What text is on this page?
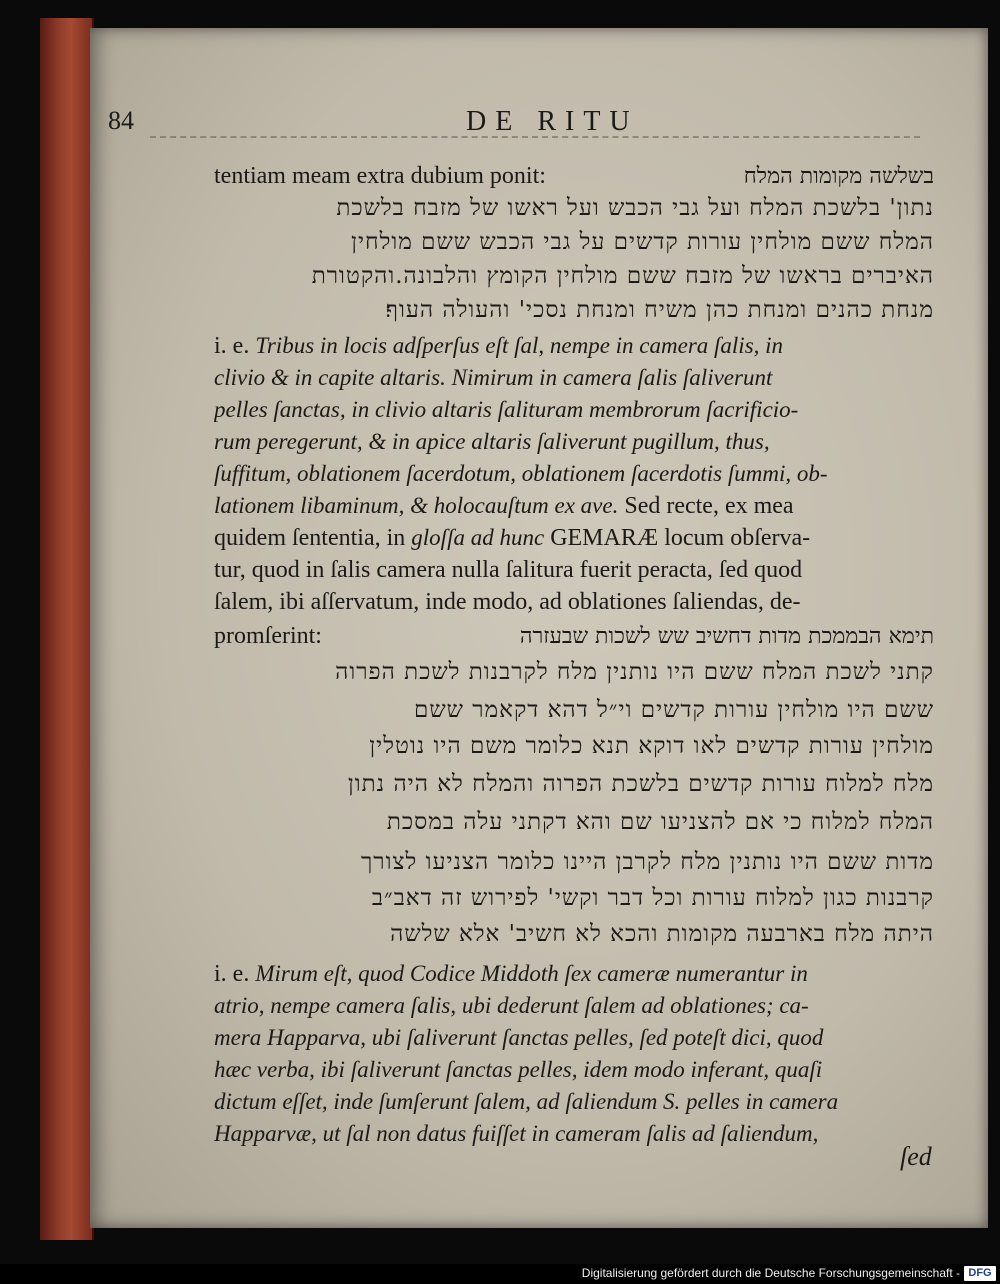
84	DE RITU
tentiam meam extra dubium ponit:	בשלשה מקומות המלח
נתון' בלשכת המלח ועל גבי הכבש ועל ראשו של מזבח בלשכת
המלח ששם מולחין עורות קדשים על גבי הכבש ששם מולחין
האיברים בראשו של מזבח ששם מולחין הקומץ והלבונה.והקטורת
מנחת כהנים ומנחת כהן משיח ומנחת נסכי' והעולה העוף׃
i. e. Tribus in locis adſperſus eſt ſal, nempe in camera ſalis, in
clivio & in capite altaris. Nimirum in camera ſalis ſaliverunt
pelles ſanctas, in clivio altaris ſalituram membrorum ſacrificio-
rum peregerunt, & in apice altaris ſaliverunt pugillum, thus,
ſuffitum, oblationem ſacerdotum, oblationem ſacerdotis ſummi, ob-
lationem libaminum, & holocauſtum ex ave. Sed recte, ex mea
quidem ſententia, in gloſſa ad hunc GEMARÆ locum obſerva-
tur, quod in ſalis camera nulla ſalitura fuerit peracta, ſed quod
ſalem, ibi aſſervatum, inde modo, ad oblationes ſaliendas, de-
promſerint:	תימא הבממכת מדות דחשיב שש לשכות שבעזרה
קתני לשכת המלח ששם היו נותנין מלח לקרבנות לשכת הפרוה
ששם היו מולחין עורות קדשים וי״ל דהא דקאמר ששם
מולחין עורות קדשים לאו דוקא תנא כלומר משם היו נוטלין
מלח למלוח עורות קדשים בלשכת הפרוה והמלח לא היה נתון
המלח למלוח כי אם להצניעו שם והא דקתני עלה במסכת
מדות ששם היו נותנין מלח לקרבן היינו כלומר הצניעו לצורך
קרבנות כגון למלוח עורות וכל דבר וקשי' לפירוש זה דאב״ב
היתה מלח בארבעה מקומות והכא לא חשיב' אלא שלשה
i. e. Mirum eſt, quod Codice Middoth ſex cameræ numerantur in
atrio, nempe camera ſalis, ubi dederunt ſalem ad oblationes; ca-
mera Happarva, ubi ſaliverunt ſanctas pelles, ſed poteſt dici, quod
hæc verba, ibi ſaliverunt ſanctas pelles, idem modo inferant, quaſi
dictum eſſet, inde ſumſerunt ſalem, ad ſaliendum S. pelles in camera
Happarvæ, ut ſal non datus fuiſſet in cameram ſalis ad ſaliendum,
ſed
Digitalisierung gefördert durch die Deutsche Forschungsgemeinschaft - DFG
